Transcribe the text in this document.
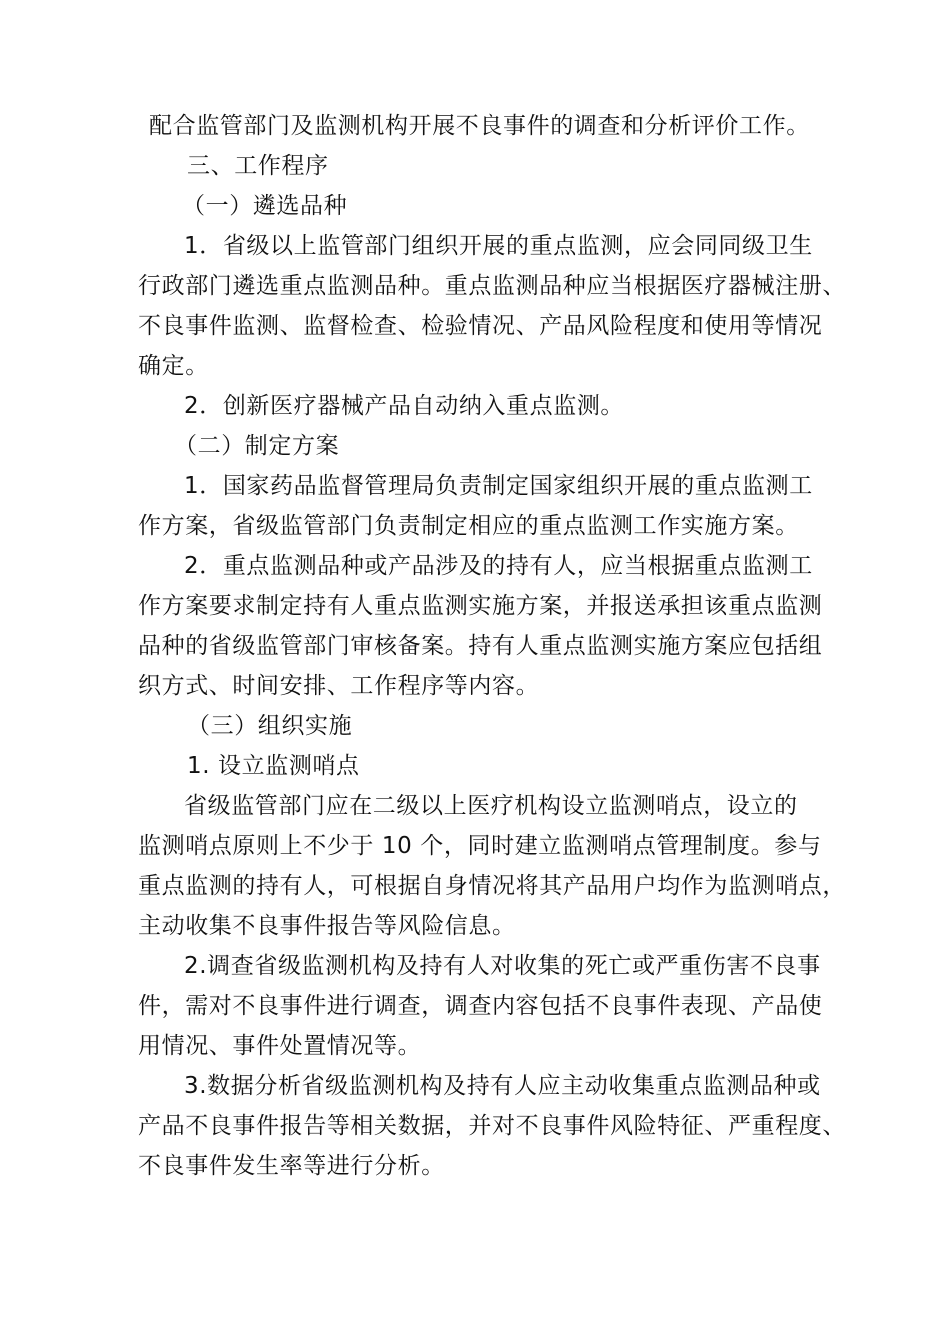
配合监管部门及监测机构开展不良事件的调查和分析评价工作。
三、工作程序
（一）遴选品种
1．省级以上监管部门组织开展的重点监测，应会同同级卫生
行政部门遴选重点监测品种。重点监测品种应当根据医疗器械注册、
不良事件监测、监督检查、检验情况、产品风险程度和使用等情况
确定。
2．创新医疗器械产品自动纳入重点监测。
（二）制定方案
1．国家药品监督管理局负责制定国家组织开展的重点监测工
作方案，省级监管部门负责制定相应的重点监测工作实施方案。
2．重点监测品种或产品涉及的持有人，应当根据重点监测工
作方案要求制定持有人重点监测实施方案，并报送承担该重点监测
品种的省级监管部门审核备案。持有人重点监测实施方案应包括组
织方式、时间安排、工作程序等内容。
（三）组织实施
1. 设立监测哨点
省级监管部门应在二级以上医疗机构设立监测哨点，设立的
监测哨点原则上不少于 10 个，同时建立监测哨点管理制度。参与
重点监测的持有人，可根据自身情况将其产品用户均作为监测哨点，
主动收集不良事件报告等风险信息。
2.调查省级监测机构及持有人对收集的死亡或严重伤害不良事
件，需对不良事件进行调查，调查内容包括不良事件表现、产品使
用情况、事件处置情况等。
3.数据分析省级监测机构及持有人应主动收集重点监测品种或
产品不良事件报告等相关数据，并对不良事件风险特征、严重程度、
不良事件发生率等进行分析。
